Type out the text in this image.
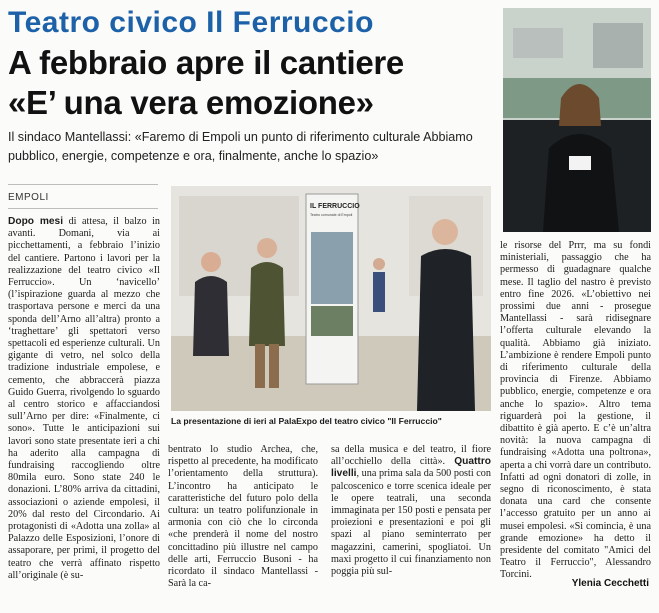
Teatro civico Il Ferruccio
A febbraio apre il cantiere
«E’ una vera emozione»
Il sindaco Mantellassi: «Faremo di Empoli un punto di riferimento culturale Abbiamo pubblico, energie, competenze e ora, finalmente, anche lo spazio»
EMPOLI
Dopo mesi di attesa, il balzo in avanti. Domani, via ai picchettamenti, a febbraio l’inizio del cantiere. Partono i lavori per la realizzazione del teatro civico «Il Ferruccio». Un ‘navicello’ (l’ispirazione guarda al mezzo che trasportava persone e merci da una sponda dell’Arno all’altra) pronto a ‘traghettare’ gli spettatori verso spettacoli ed esperienze culturali. Un gigante di vetro, nel solco della tradizione industriale empolese, e cemento, che abbraccerà piazza Guido Guerra, rivolgendo lo sguardo al centro storico e affacciandosi sull’Arno per dire: «Finalmente, ci sono». Tutte le anticipazioni sui lavori sono state presentate ieri a chi ha aderito alla campagna di fundraising raccogliendo oltre 80mila euro. Sono state 240 le donazioni. L’80% arriva da cittadini, associazioni o aziende empolesi, il 20% dal resto del Circondario. Ai protagonisti di «Adotta una zolla» al Palazzo delle Esposizioni, l’onore di assaporare, per primi, il progetto del teatro che verrà affinato rispetto all’originale (è su-
IL FERRUCCIO
Teatro comunale di Empoli
La presentazione di ieri al PalaExpo del teatro civico "Il Ferruccio"
bentrato lo studio Archea, che, rispetto al precedente, ha modificato l’orientamento della struttura). L’incontro ha anticipato le caratteristiche del futuro polo della cultura: un teatro polifunzionale in armonia con ciò che lo circonda «che prenderà il nome del nostro concittadino più illustre nel campo delle arti, Ferruccio Busoni - ha ricordato il sindaco Mantellassi - Sarà la ca-
sa della musica e del teatro, il fiore all’occhiello della città». Quattro livelli, una prima sala da 500 posti con palcoscenico e torre scenica ideale per le opere teatrali, una seconda immaginata per 150 posti e pensata per proiezioni e presentazioni e poi gli spazi al piano seminterrato per magazzini, camerini, spogliatoi. Un maxi progetto il cui finanziamento non poggia più sul-
le risorse del Prrr, ma su fondi ministeriali, passaggio che ha permesso di guadagnare qualche mese. Il taglio del nastro è previsto entro fine 2026. «L’obiettivo nei prossimi due anni - prosegue Mantellassi - sarà ridisegnare l’offerta culturale elevando la qualità. Abbiamo già iniziato. L’ambizione è rendere Empoli punto di riferimento culturale della provincia di Firenze. Abbiamo pubblico, energie, competenze e ora anche lo spazio». Altro tema riguarderà poi la gestione, il dibattito è già aperto. E c’è un’altra novità: la nuova campagna di fundraising «Adotta una poltrona», aperta a chi vorrà dare un contributo. Infatti ad ogni donatori di zolle, in segno di riconoscimento, è stata donata una card che consente l’accesso gratuito per un anno ai musei empolesi. «Si comincia, è una grande emozione» ha detto il presidente del comitato "Amici del Teatro il Ferruccio", Alessandro Torcini.
Ylenia Cecchetti
